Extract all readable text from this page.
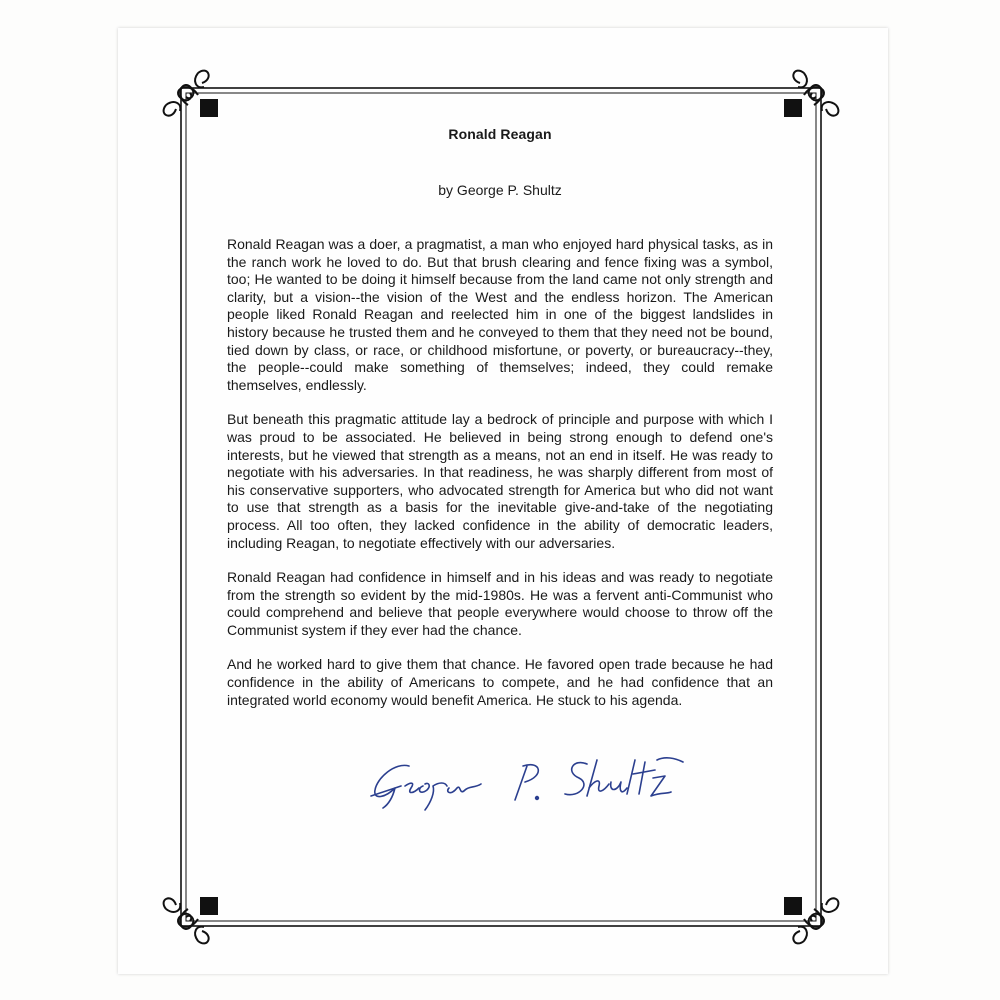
Ronald Reagan

by George P. Shultz

Ronald Reagan was a doer, a pragmatist, a man who enjoyed hard physical tasks, as in the ranch work he loved to do. But that brush clearing and fence fixing was a symbol, too; He wanted to be doing it himself because from the land came not only strength and clarity, but a vision--the vision of the West and the endless horizon. The American people liked Ronald Reagan and reelected him in one of the biggest landslides in history because he trusted them and he conveyed to them that they need not be bound, tied down by class, or race, or childhood misfortune, or poverty, or bureaucracy--they, the people--could make something of themselves; indeed, they could remake themselves, endlessly.

But beneath this pragmatic attitude lay a bedrock of principle and purpose with which I was proud to be associated. He believed in being strong enough to defend one's interests, but he viewed that strength as a means, not an end in itself. He was ready to negotiate with his adversaries. In that readiness, he was sharply different from most of his conservative supporters, who advocated strength for America but who did not want to use that strength as a basis for the inevitable give-and-take of the negotiating process. All too often, they lacked confidence in the ability of democratic leaders, including Reagan, to negotiate effectively with our adversaries.

Ronald Reagan had confidence in himself and in his ideas and was ready to negotiate from the strength so evident by the mid-1980s. He was a fervent anti-Communist who could comprehend and believe that people everywhere would choose to throw off the Communist system if they ever had the chance.

And he worked hard to give them that chance. He favored open trade because he had confidence in the ability of Americans to compete, and he had confidence that an integrated world economy would benefit America. He stuck to his agenda.
